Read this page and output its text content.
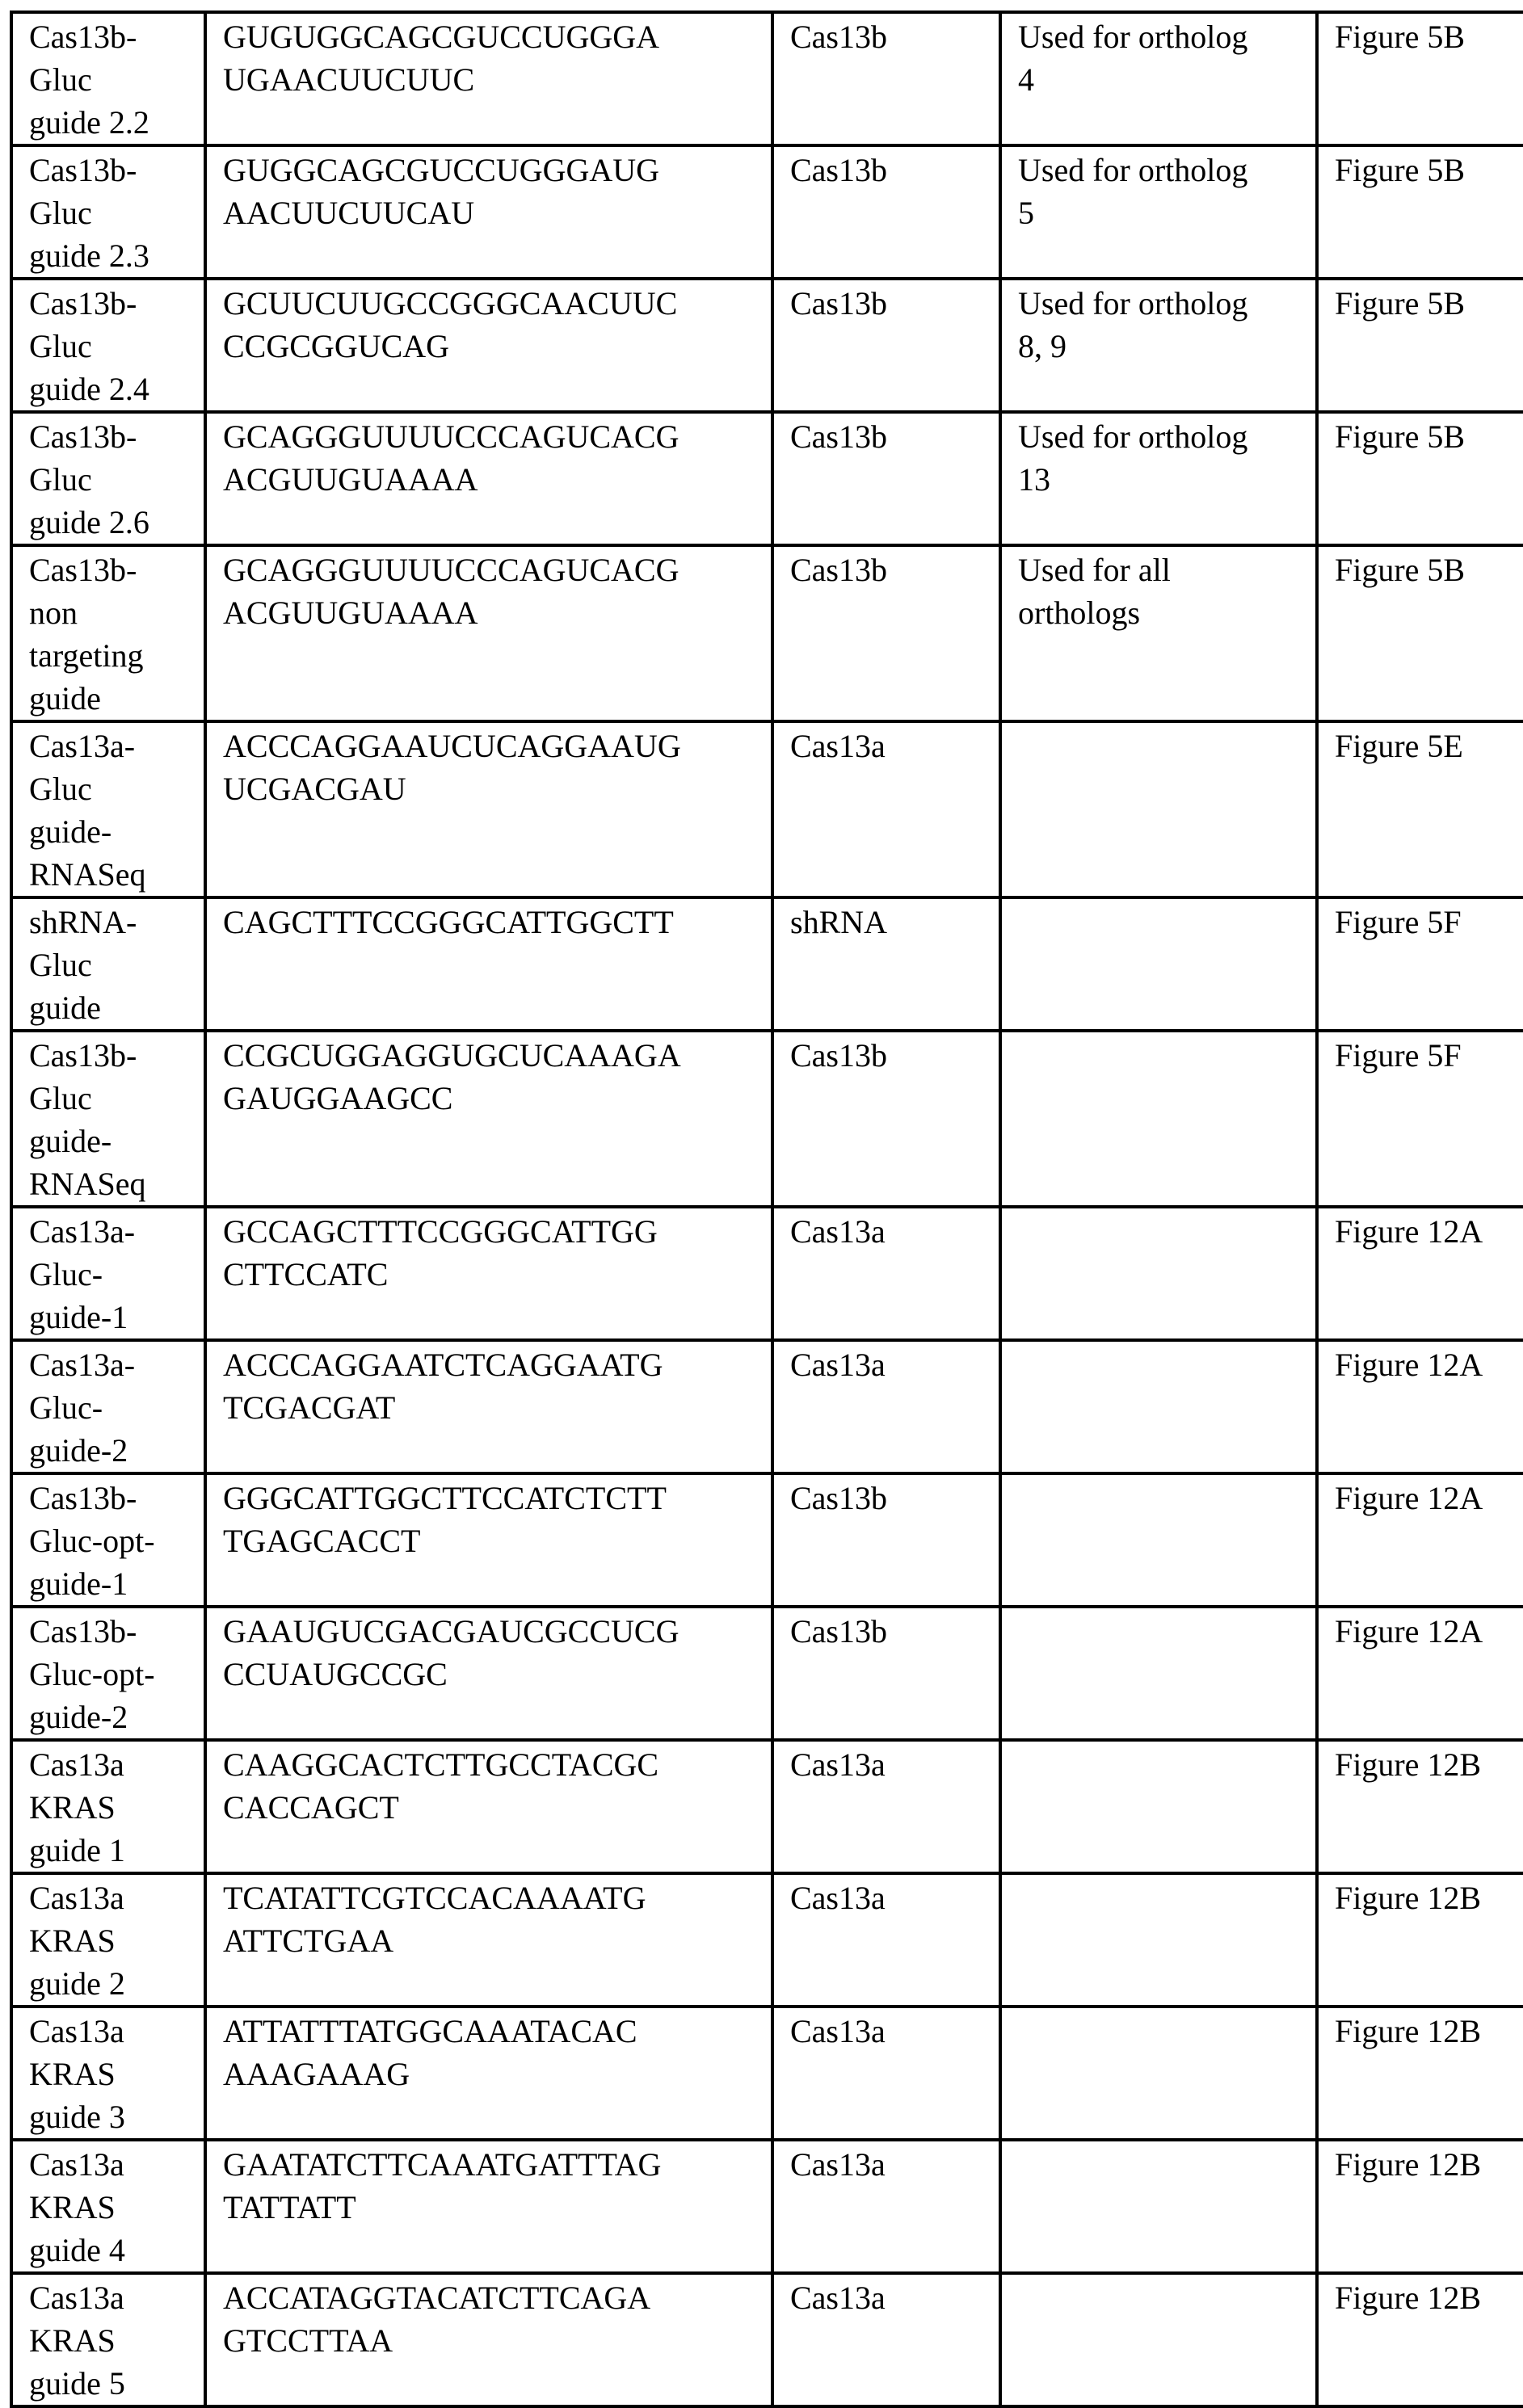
Cas13b-
Gluc
guide 2.2	GUGUGGCAGCGUCCUGGGA
UGAACUUCUUC	Cas13b	Used for ortholog
4	Figure 5B

Cas13b-
Gluc
guide 2.3	GUGGCAGCGUCCUGGGAUG
AACUUCUUCAU	Cas13b	Used for ortholog
5	Figure 5B

Cas13b-
Gluc
guide 2.4	GCUUCUUGCCGGGCAACUUC
CCGCGGUCAG	Cas13b	Used for ortholog
8, 9	Figure 5B

Cas13b-
Gluc
guide 2.6	GCAGGGUUUUCCCAGUCACG
ACGUUGUAAAA	Cas13b	Used for ortholog
13	Figure 5B

Cas13b-
non
targeting
guide	GCAGGGUUUUCCCAGUCACG
ACGUUGUAAAA	Cas13b	Used for all
orthologs	Figure 5B

Cas13a-
Gluc
guide-
RNASeq	ACCCAGGAAUCUCAGGAAUG
UCGACGAU	Cas13a		Figure 5E

shRNA-
Gluc
guide	CAGCTTTCCGGGCATTGGCTT	shRNA		Figure 5F

Cas13b-
Gluc
guide-
RNASeq	CCGCUGGAGGUGCUCAAAGA
GAUGGAAGCC	Cas13b		Figure 5F

Cas13a-
Gluc-
guide-1	GCCAGCTTTCCGGGCATTGG
CTTCCATC	Cas13a		Figure 12A

Cas13a-
Gluc-
guide-2	ACCCAGGAATCTCAGGAATG
TCGACGAT	Cas13a		Figure 12A

Cas13b-
Gluc-opt-
guide-1	GGGCATTGGCTTCCATCTCTT
TGAGCACCT	Cas13b		Figure 12A

Cas13b-
Gluc-opt-
guide-2	GAAUGUCGACGAUCGCCUCG
CCUAUGCCGC	Cas13b		Figure 12A

Cas13a
KRAS
guide 1	CAAGGCACTCTTGCCTACGC
CACCAGCT	Cas13a		Figure 12B

Cas13a
KRAS
guide 2	TCATATTCGTCCACAAAATG
ATTCTGAA	Cas13a		Figure 12B

Cas13a
KRAS
guide 3	ATTATTTATGGCAAATACAC
AAAGAAAG	Cas13a		Figure 12B

Cas13a
KRAS
guide 4	GAATATCTTCAAATGATTTAG
TATTATT	Cas13a		Figure 12B

Cas13a
KRAS
guide 5	ACCATAGGTACATCTTCAGA
GTCCTTAA	Cas13a		Figure 12B
